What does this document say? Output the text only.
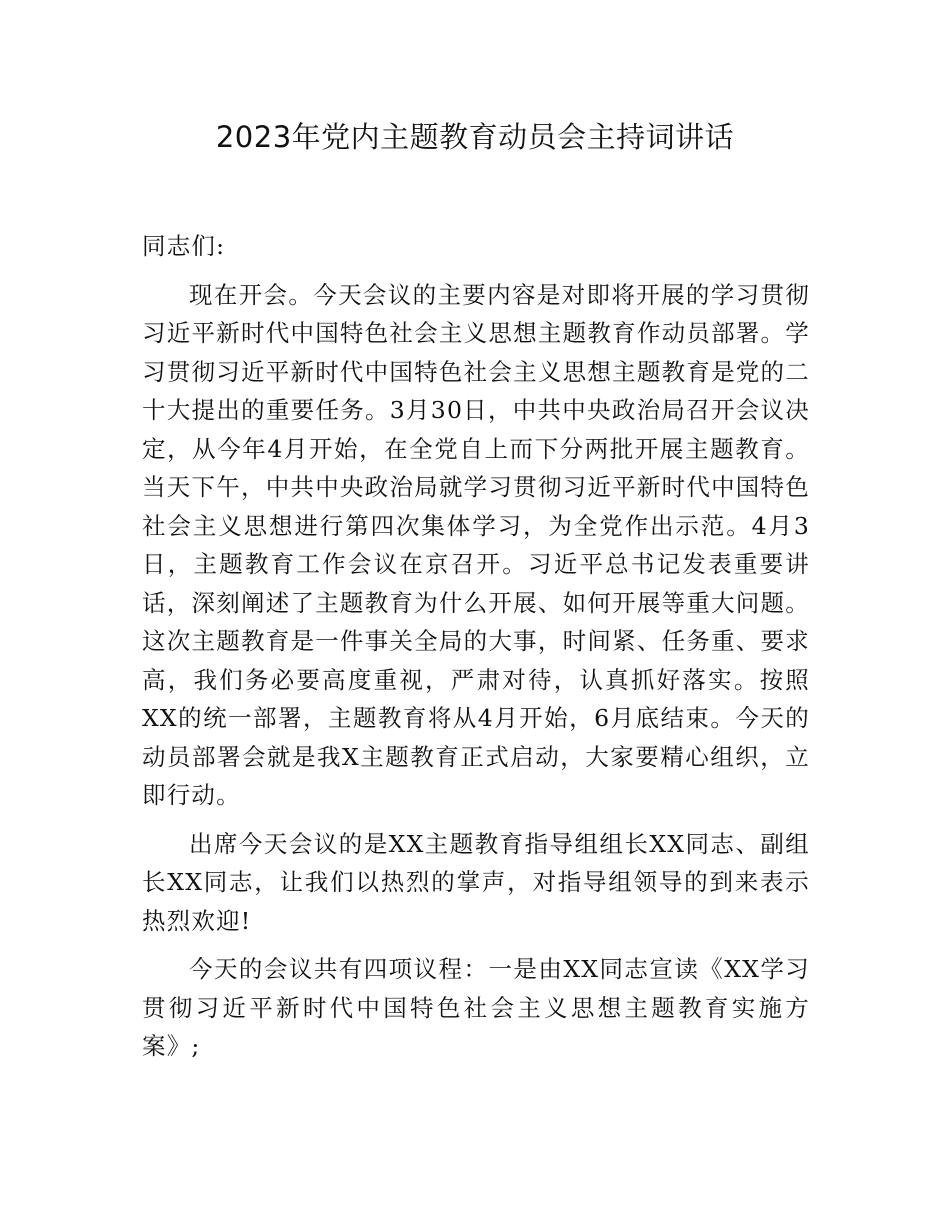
2023年党内主题教育动员会主持词讲话

同志们:

现在开会。今天会议的主要内容是对即将开展的学习贯彻习近平新时代中国特色社会主义思想主题教育作动员部署。学习贯彻习近平新时代中国特色社会主义思想主题教育是党的二十大提出的重要任务。3月30日，中共中央政治局召开会议决定，从今年4月开始，在全党自上而下分两批开展主题教育。当天下午，中共中央政治局就学习贯彻习近平新时代中国特色社会主义思想进行第四次集体学习，为全党作出示范。4月3日，主题教育工作会议在京召开。习近平总书记发表重要讲话，深刻阐述了主题教育为什么开展、如何开展等重大问题。这次主题教育是一件事关全局的大事，时间紧、任务重、要求高，我们务必要高度重视，严肃对待，认真抓好落实。按照XX的统一部署，主题教育将从4月开始，6月底结束。今天的动员部署会就是我X主题教育正式启动，大家要精心组织，立即行动。

出席今天会议的是XX主题教育指导组组长XX同志、副组长XX同志，让我们以热烈的掌声，对指导组领导的到来表示热烈欢迎!

今天的会议共有四项议程：一是由XX同志宣读《XX学习贯彻习近平新时代中国特色社会主义思想主题教育实施方案》;
